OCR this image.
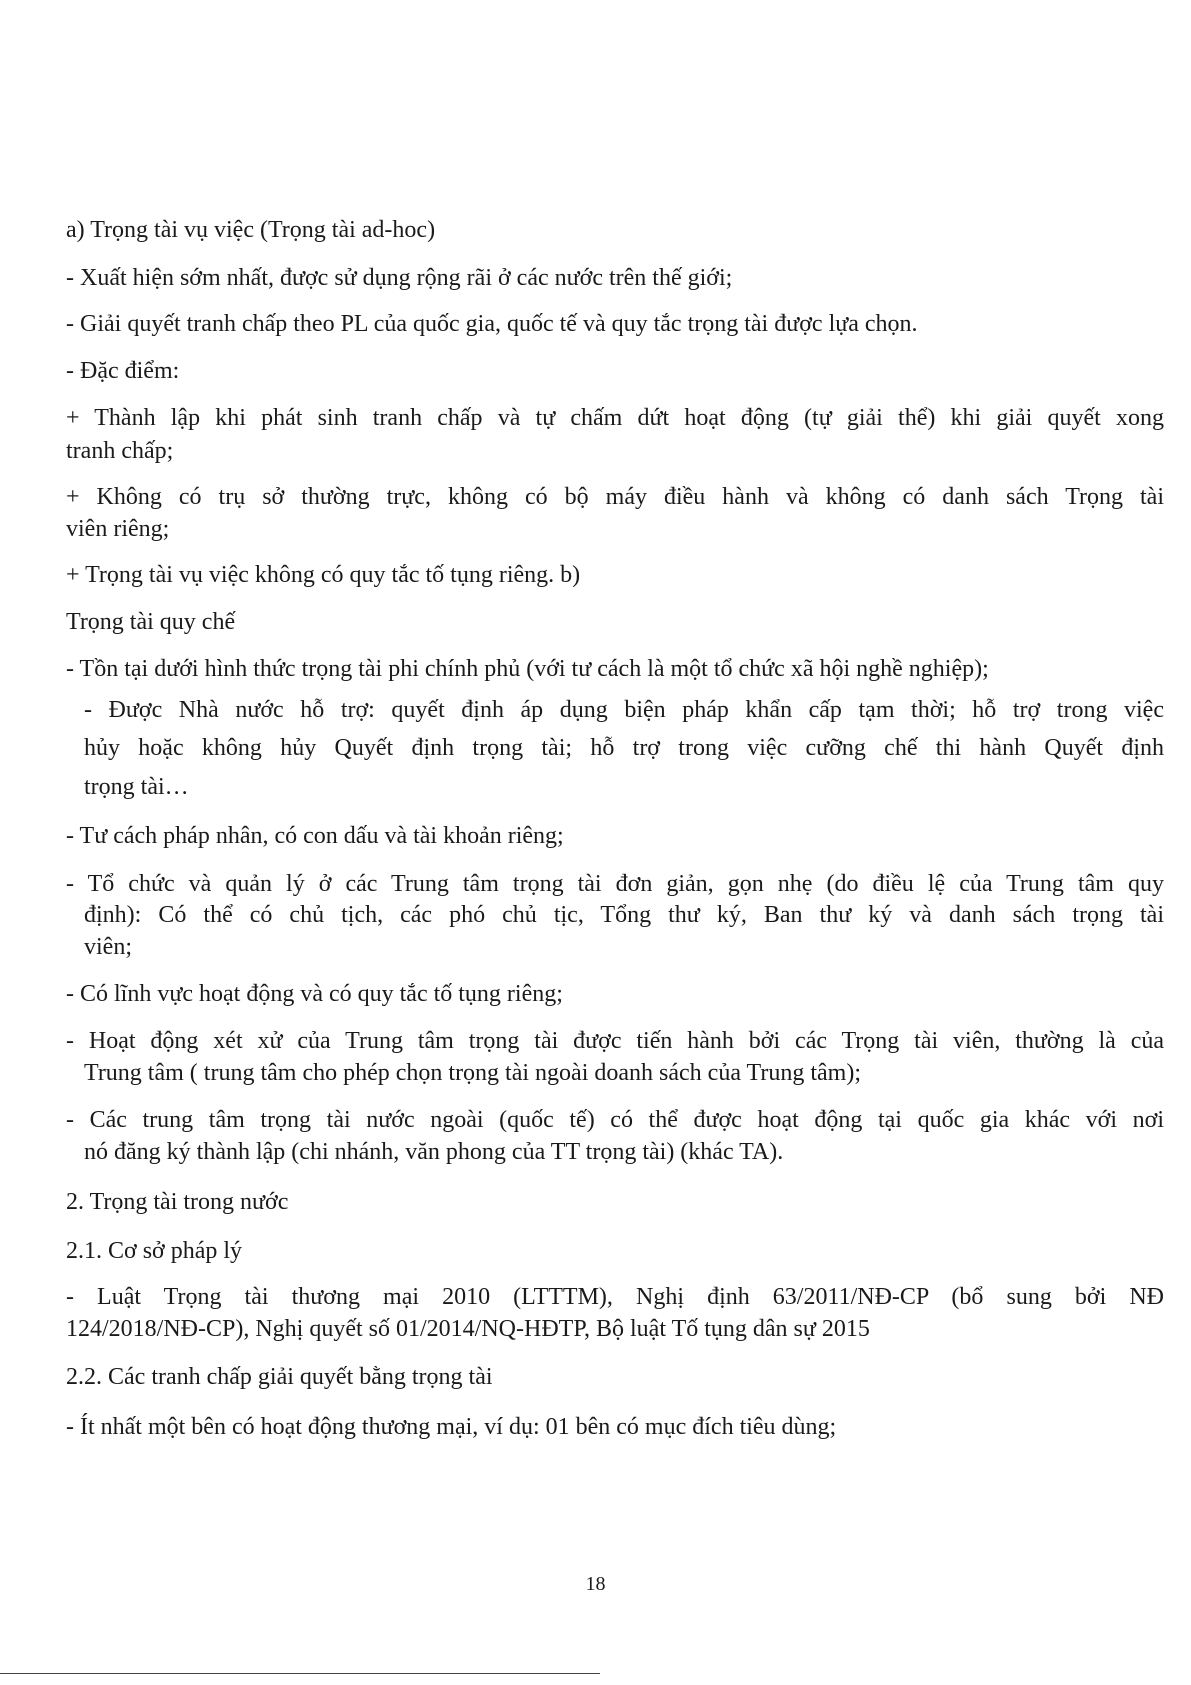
a) Trọng tài vụ việc (Trọng tài ad-hoc)

- Xuất hiện sớm nhất, được sử dụng rộng rãi ở các nước trên thế giới;

- Giải quyết tranh chấp theo PL của quốc gia, quốc tế và quy tắc trọng tài được lựa chọn.

- Đặc điểm:

+ Thành lập khi phát sinh tranh chấp và tự chấm dứt hoạt động (tự giải thể) khi giải quyết xong

tranh chấp;

+ Không có trụ sở thường trực, không có bộ máy điều hành và không có danh sách Trọng tài

viên riêng;

+ Trọng tài vụ việc không có quy tắc tố tụng riêng. b)

Trọng tài quy chế

- Tồn tại dưới hình thức trọng tài phi chính phủ (với tư cách là một tổ chức xã hội nghề nghiệp);

- Được Nhà nước hỗ trợ: quyết định áp dụng biện pháp khẩn cấp tạm thời; hỗ trợ trong việc

hủy hoặc không hủy Quyết định trọng tài; hỗ trợ trong việc cưỡng chế thi hành Quyết định

trọng tài…

- Tư cách pháp nhân, có con dấu và tài khoản riêng;

- Tổ chức và quản lý ở các Trung tâm trọng tài đơn giản, gọn nhẹ (do điều lệ của Trung tâm quy

định): Có thể có chủ tịch, các phó chủ tịc, Tổng thư ký, Ban thư ký và danh sách trọng tài

viên;

- Có lĩnh vực hoạt động và có quy tắc tố tụng riêng;

- Hoạt động xét xử của Trung tâm trọng tài được tiến hành bởi các Trọng tài viên, thường là của

Trung tâm ( trung tâm cho phép chọn trọng tài ngoài doanh sách của Trung tâm);

- Các trung tâm trọng tài nước ngoài (quốc tế) có thể được hoạt động tại quốc gia khác với nơi

nó đăng ký thành lập (chi nhánh, văn phong của TT trọng tài) (khác TA).

2. Trọng tài trong nước

2.1. Cơ sở pháp lý

- Luật Trọng tài thương mại 2010 (LTTTM), Nghị định 63/2011/NĐ-CP (bổ sung bởi NĐ

124/2018/NĐ-CP), Nghị quyết số 01/2014/NQ-HĐTP, Bộ luật Tố tụng dân sự 2015

2.2. Các tranh chấp giải quyết bằng trọng tài

- Ít nhất một bên có hoạt động thương mại, ví dụ: 01 bên có mục đích tiêu dùng;

18
